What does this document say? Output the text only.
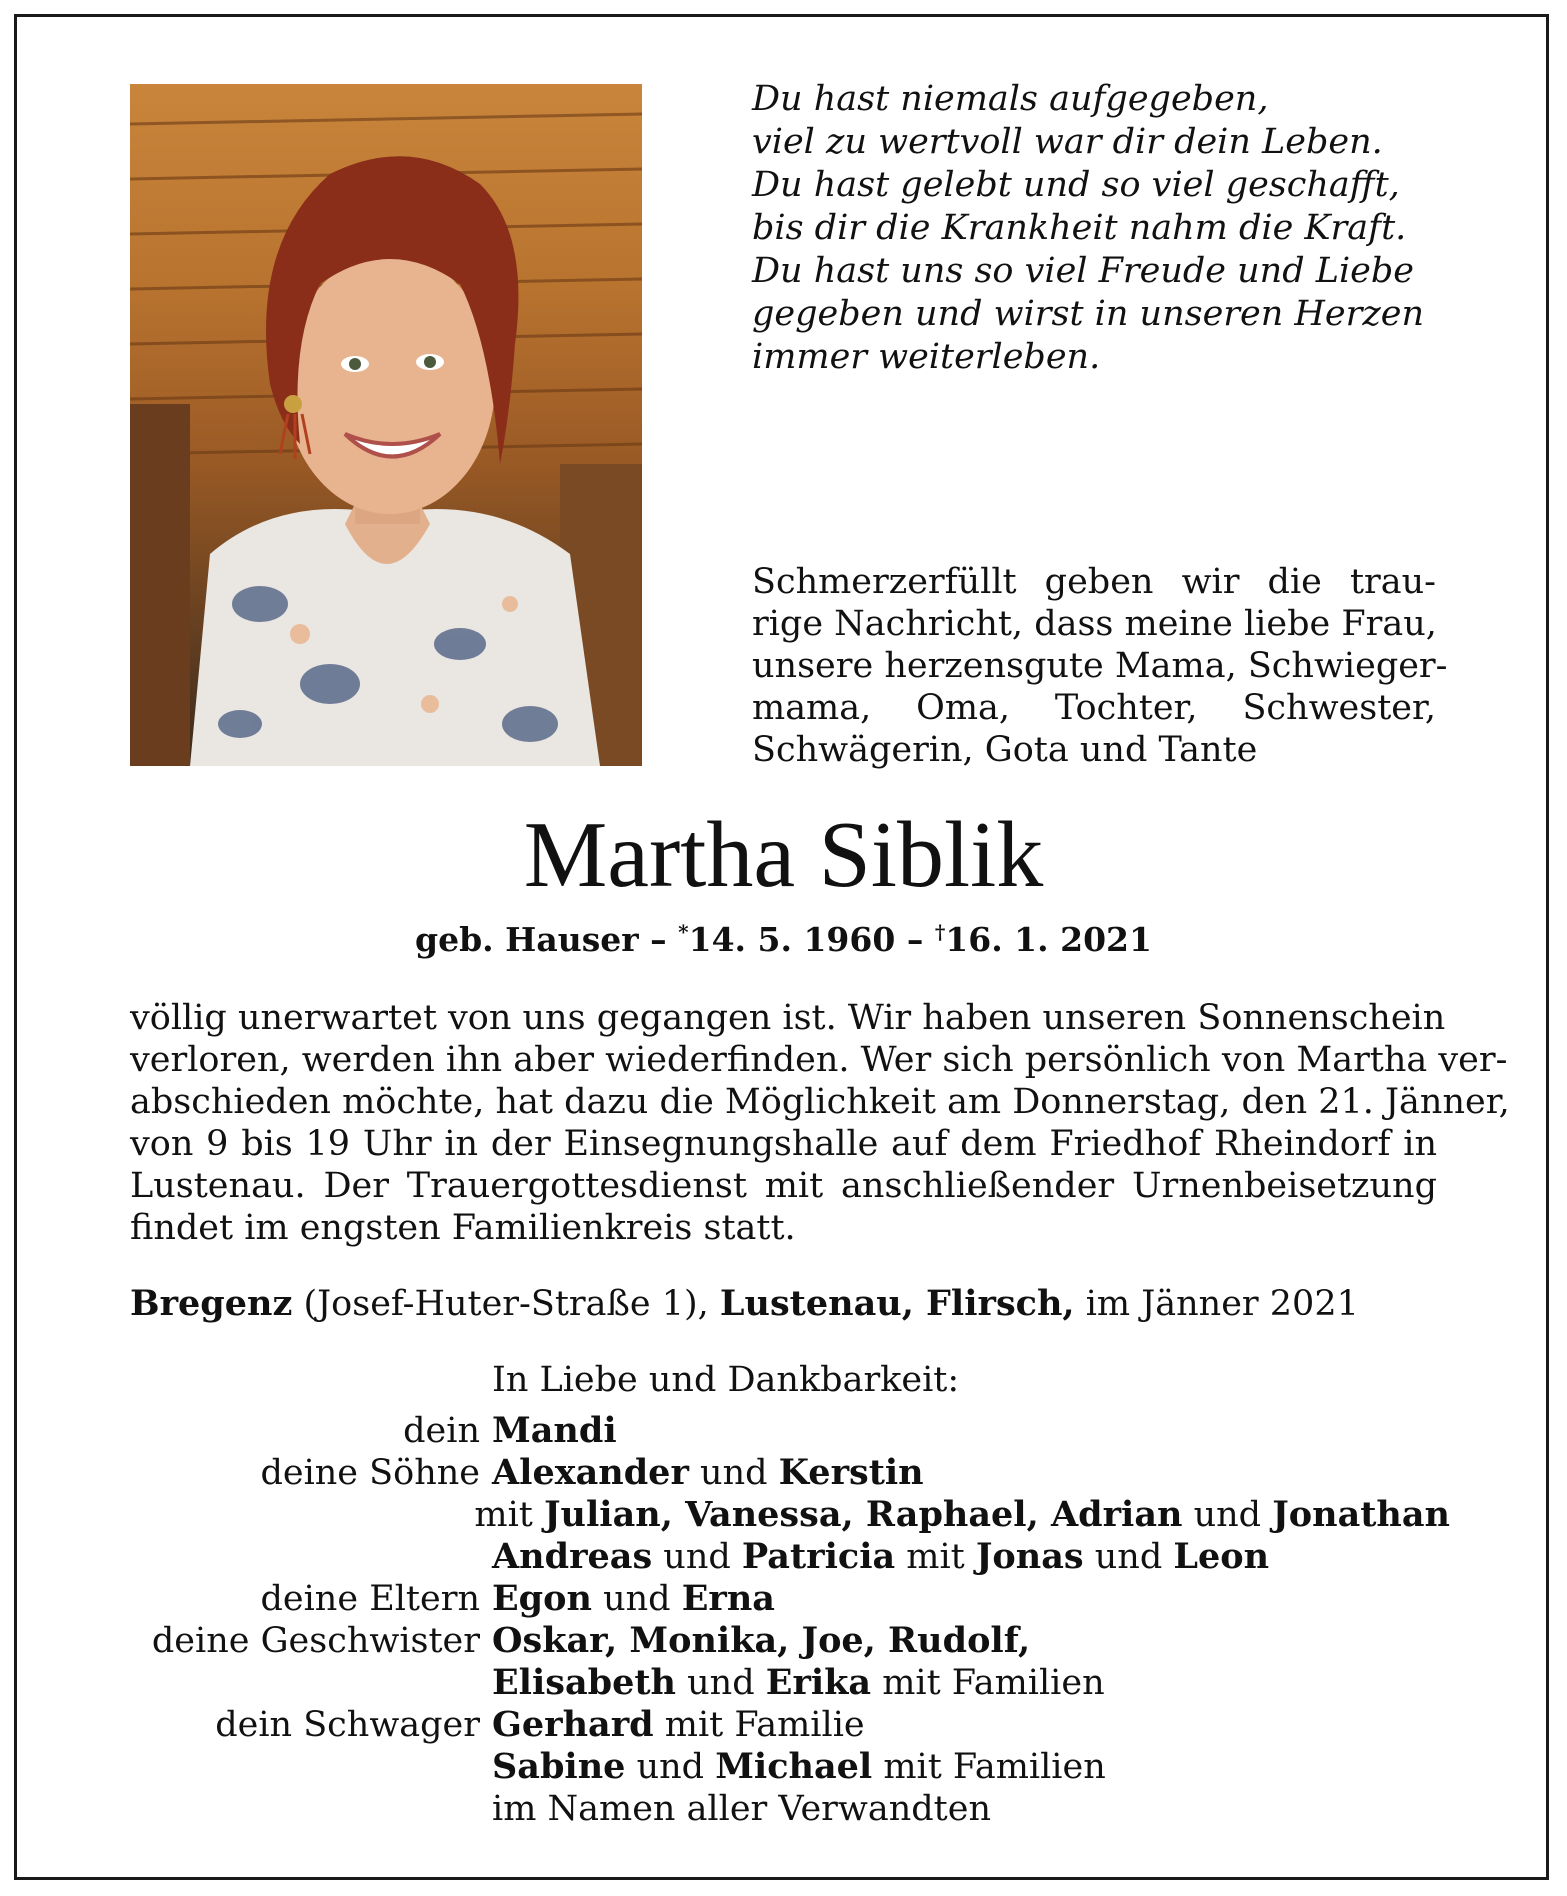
Du hast niemals aufgegeben,
viel zu wertvoll war dir dein Leben.
Du hast gelebt und so viel geschafft,
bis dir die Krankheit nahm die Kraft.
Du hast uns so viel Freude und Liebe
gegeben und wirst in unseren Herzen
immer weiterleben.
Schmerzerfüllt geben wir die trau-
rige Nachricht, dass meine liebe Frau,
unsere herzensgute Mama, Schwieger-
mama, Oma, Tochter, Schwester,
Schwägerin, Gota und Tante
Martha Siblik
geb. Hauser – *14. 5. 1960 – †16. 1. 2021
völlig unerwartet von uns gegangen ist. Wir haben unseren Sonnenschein
verloren, werden ihn aber wiederfinden. Wer sich persönlich von Martha ver-
abschieden möchte, hat dazu die Möglichkeit am Donnerstag, den 21. Jänner,
von 9 bis 19 Uhr in der Einsegnungshalle auf dem Friedhof Rheindorf in
Lustenau. Der Trauergottesdienst mit anschließender Urnenbeisetzung
findet im engsten Familienkreis statt.
Bregenz (Josef-Huter-Straße 1), Lustenau, Flirsch, im Jänner 2021
In Liebe und Dankbarkeit:
dein Mandi
deine Söhne Alexander und Kerstin
mit Julian, Vanessa, Raphael, Adrian und Jonathan
Andreas und Patricia mit Jonas und Leon
deine Eltern Egon und Erna
deine Geschwister Oskar, Monika, Joe, Rudolf,
Elisabeth und Erika mit Familien
dein Schwager Gerhard mit Familie
Sabine und Michael mit Familien
im Namen aller Verwandten
